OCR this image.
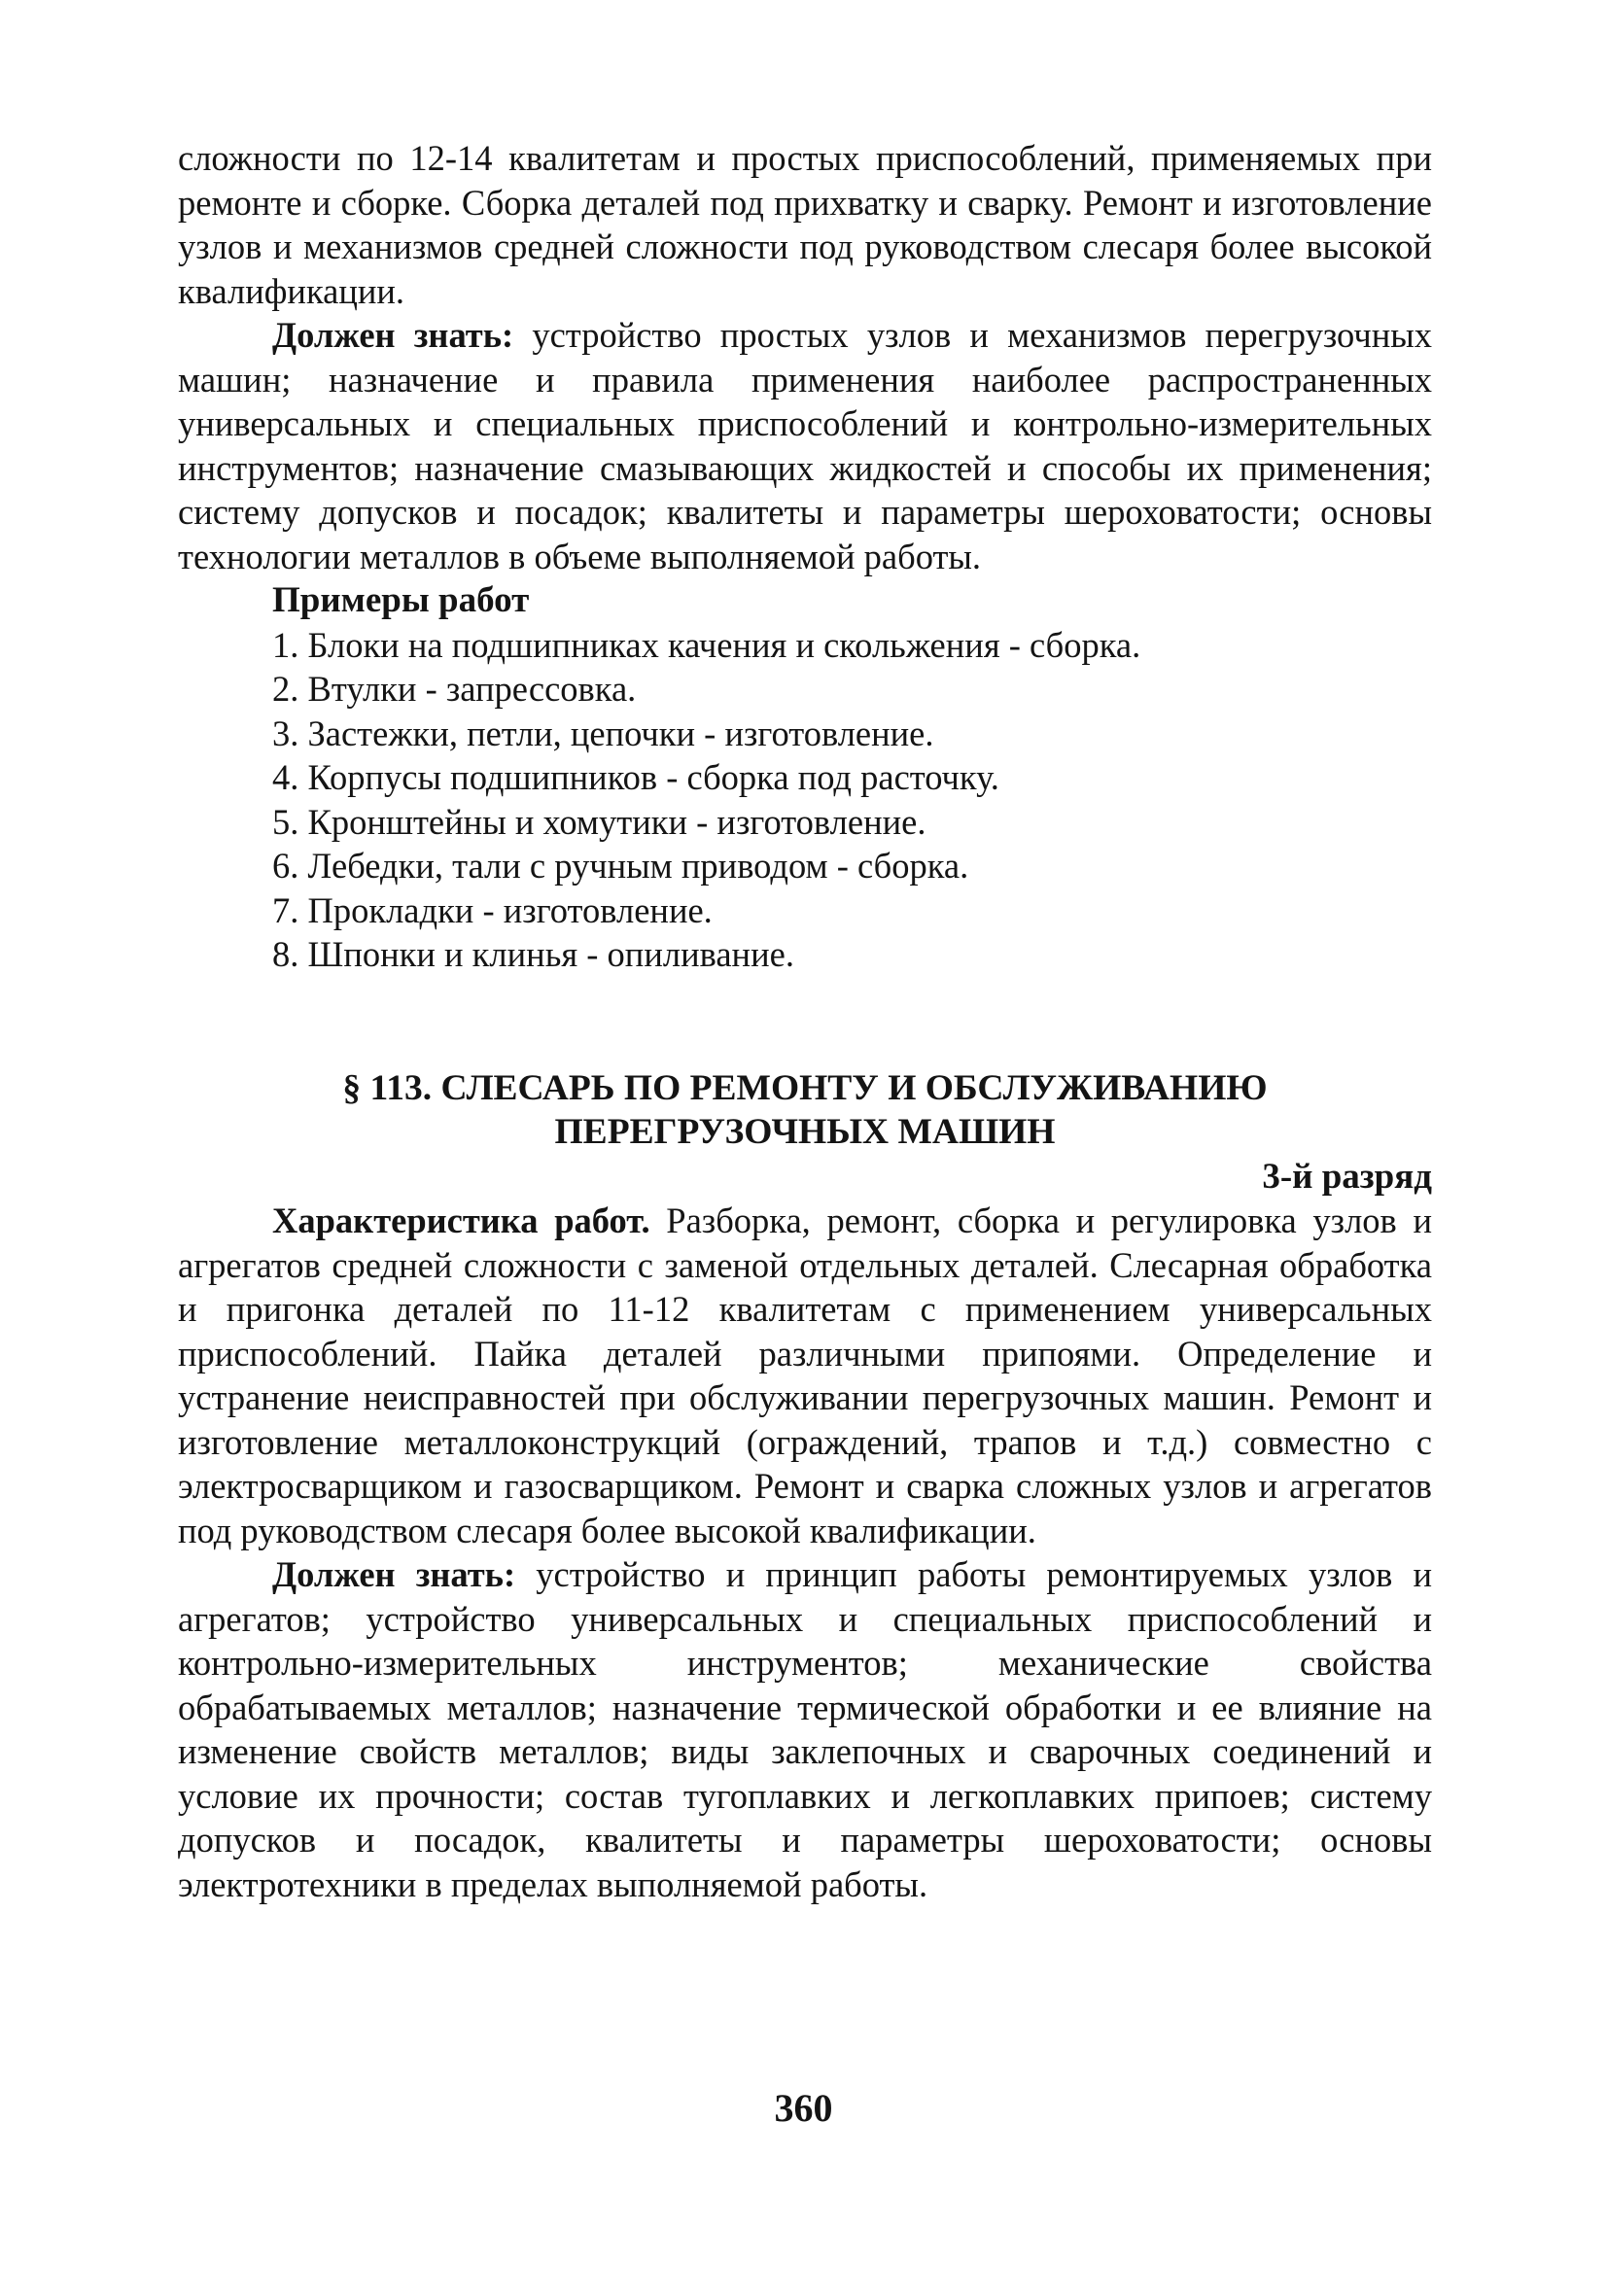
сложности по 12-14 квалитетам и простых приспособлений, применяемых при ремонте и сборке. Сборка деталей под прихватку и сварку. Ремонт и изготовление узлов и механизмов средней сложности под руководством слесаря более высокой квалификации.

Должен знать: устройство простых узлов и механизмов перегрузочных машин; назначение и правила применения наиболее распространенных универсальных и специальных приспособлений и контрольно-измерительных инструментов; назначение смазывающих жидкостей и способы их применения; систему допусков и посадок; квалитеты и параметры шероховатости; основы технологии металлов в объеме выполняемой работы.

Примеры работ

1. Блоки на подшипниках качения и скольжения - сборка.
2. Втулки - запрессовка.
3. Застежки, петли, цепочки - изготовление.
4. Корпусы подшипников - сборка под расточку.
5. Кронштейны и хомутики - изготовление.
6. Лебедки, тали с ручным приводом - сборка.
7. Прокладки - изготовление.
8. Шпонки и клинья - опиливание.
§ 113. СЛЕСАРЬ ПО РЕМОНТУ И ОБСЛУЖИВАНИЮ
ПЕРЕГРУЗОЧНЫХ МАШИН

3-й разряд

Характеристика работ. Разборка, ремонт, сборка и регулировка узлов и агрегатов средней сложности с заменой отдельных деталей. Слесарная обработка и пригонка деталей по 11-12 квалитетам с применением универсальных приспособлений. Пайка деталей различными припоями. Определение и устранение неисправностей при обслуживании перегрузочных машин. Ремонт и изготовление металлоконструкций (ограждений, трапов и т.д.) совместно с электросварщиком и газосварщиком. Ремонт и сварка сложных узлов и агрегатов под руководством слесаря более высокой квалификации.

Должен знать: устройство и принцип работы ремонтируемых узлов и агрегатов; устройство универсальных и специальных приспособлений и контрольно-измерительных инструментов; механические свойства обрабатываемых металлов; назначение термической обработки и ее влияние на изменение свойств металлов; виды заклепочных и сварочных соединений и условие их прочности; состав тугоплавких и легкоплавких припоев; систему допусков и посадок, квалитеты и параметры шероховатости; основы электротехники в пределах выполняемой работы.

360
